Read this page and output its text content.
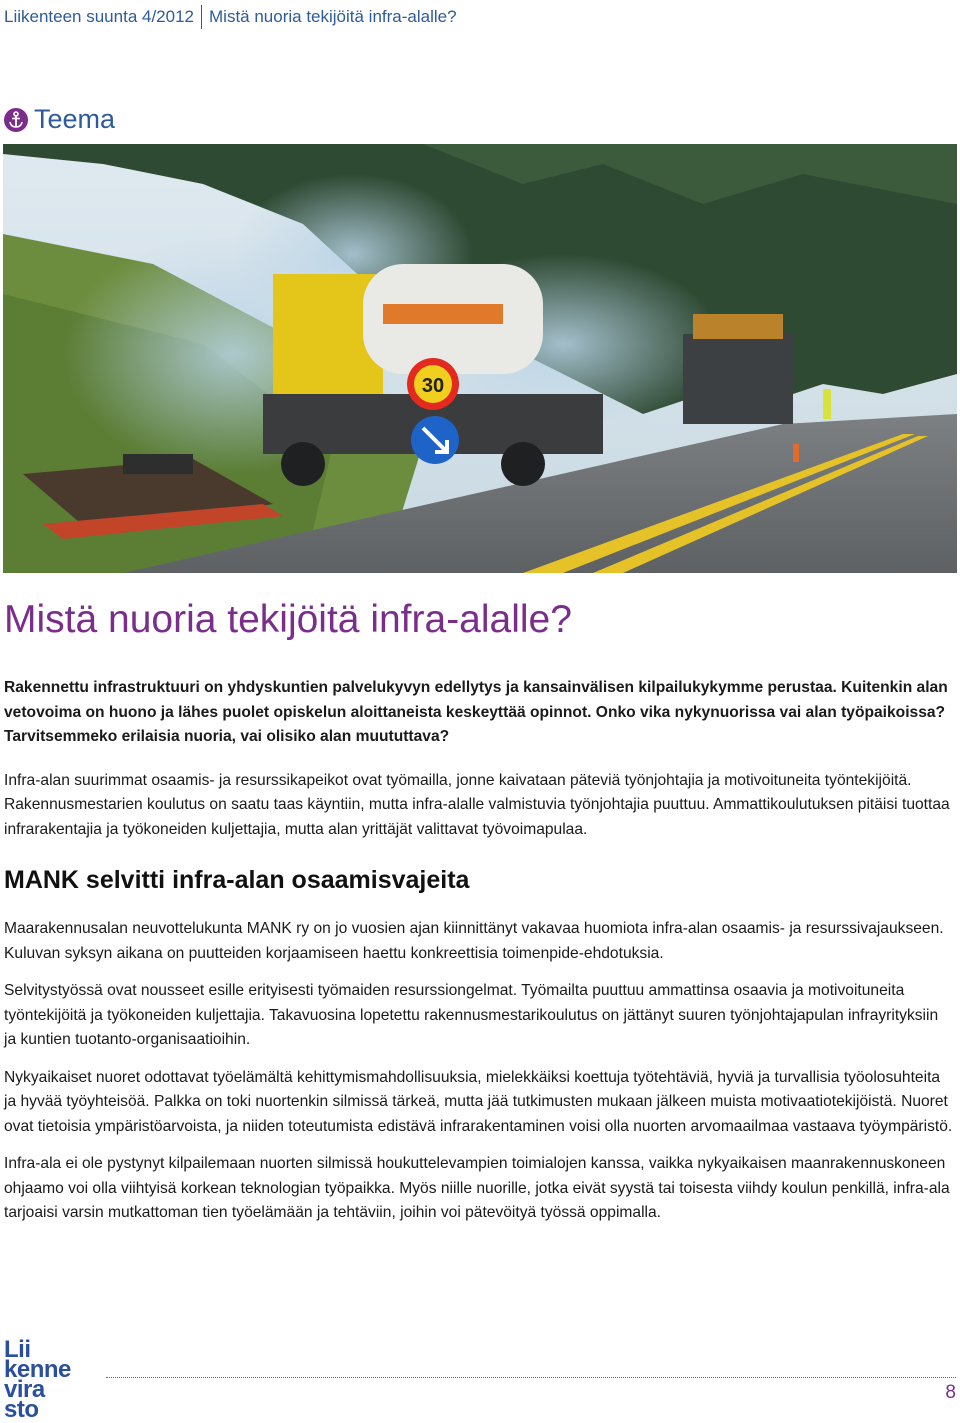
Liikenteen suunta 4/2012 Mistä nuoria tekijöitä infra-alalle?
Teema
30
Mistä nuoria tekijöitä infra-alalle?

Rakennettu infrastruktuuri on yhdyskuntien palvelukyvyn edellytys ja kansainvälisen kilpailukykymme perustaa. Kuitenkin alan vetovoima on huono ja lähes puolet opiskelun aloittaneista keskeyttää opinnot. Onko vika nykynuorissa vai alan työpaikoissa? Tarvitsemmeko erilaisia nuoria, vai olisiko alan muututtava?

Infra-alan suurimmat osaamis- ja resurssikapeikot ovat työmailla, jonne kaivataan päteviä työnjohtajia ja motivoituneita työntekijöitä. Rakennusmestarien koulutus on saatu taas käyntiin, mutta infra-alalle valmistuvia työnjohtajia puuttuu. Ammattikoulutuksen pitäisi tuottaa infrarakentajia ja työkoneiden kuljettajia, mutta alan yrittäjät valittavat työvoimapulaa.

MANK selvitti infra-alan osaamisvajeita

Maarakennusalan neuvottelukunta MANK ry on jo vuosien ajan kiinnittänyt vakavaa huomiota infra-alan osaamis- ja resurssivajaukseen. Kuluvan syksyn aikana on puutteiden korjaamiseen haettu konkreettisia toimenpide-ehdotuksia.

Selvitystyössä ovat nousseet esille erityisesti työmaiden resurssiongelmat. Työmailta puuttuu ammattinsa osaavia ja motivoituneita työntekijöitä ja työkoneiden kuljettajia. Takavuosina lopetettu rakennusmestarikoulutus on jättänyt suuren työnjohtajapulan infrayrityksiin ja kuntien tuotanto-organisaatioihin.

Nykyaikaiset nuoret odottavat työelämältä kehittymismahdollisuuksia, mielekkäiksi koettuja työtehtäviä, hyviä ja turvallisia työolosuhteita ja hyvää työyhteisöä. Palkka on toki nuortenkin silmissä tärkeä, mutta jää tutkimusten mukaan jälkeen muista motivaatiotekijöistä. Nuoret ovat tietoisia ympäristöarvoista, ja niiden toteutumista edistävä infrarakentaminen voisi olla nuorten arvomaailmaa vastaava työympäristö.

Infra-ala ei ole pystynyt kilpailemaan nuorten silmissä houkuttelevampien toimialojen kanssa, vaikka nykyaikaisen maanrakennuskoneen ohjaamo voi olla viihtyisä korkean teknologian työpaikka. Myös niille nuorille, jotka eivät syystä tai toisesta viihdy koulun penkillä, infra-ala tarjoaisi varsin mutkattoman tien työelämään ja tehtäviin, joihin voi pätevöityä työssä oppimalla.

Lii
kenne
vira
sto
8
